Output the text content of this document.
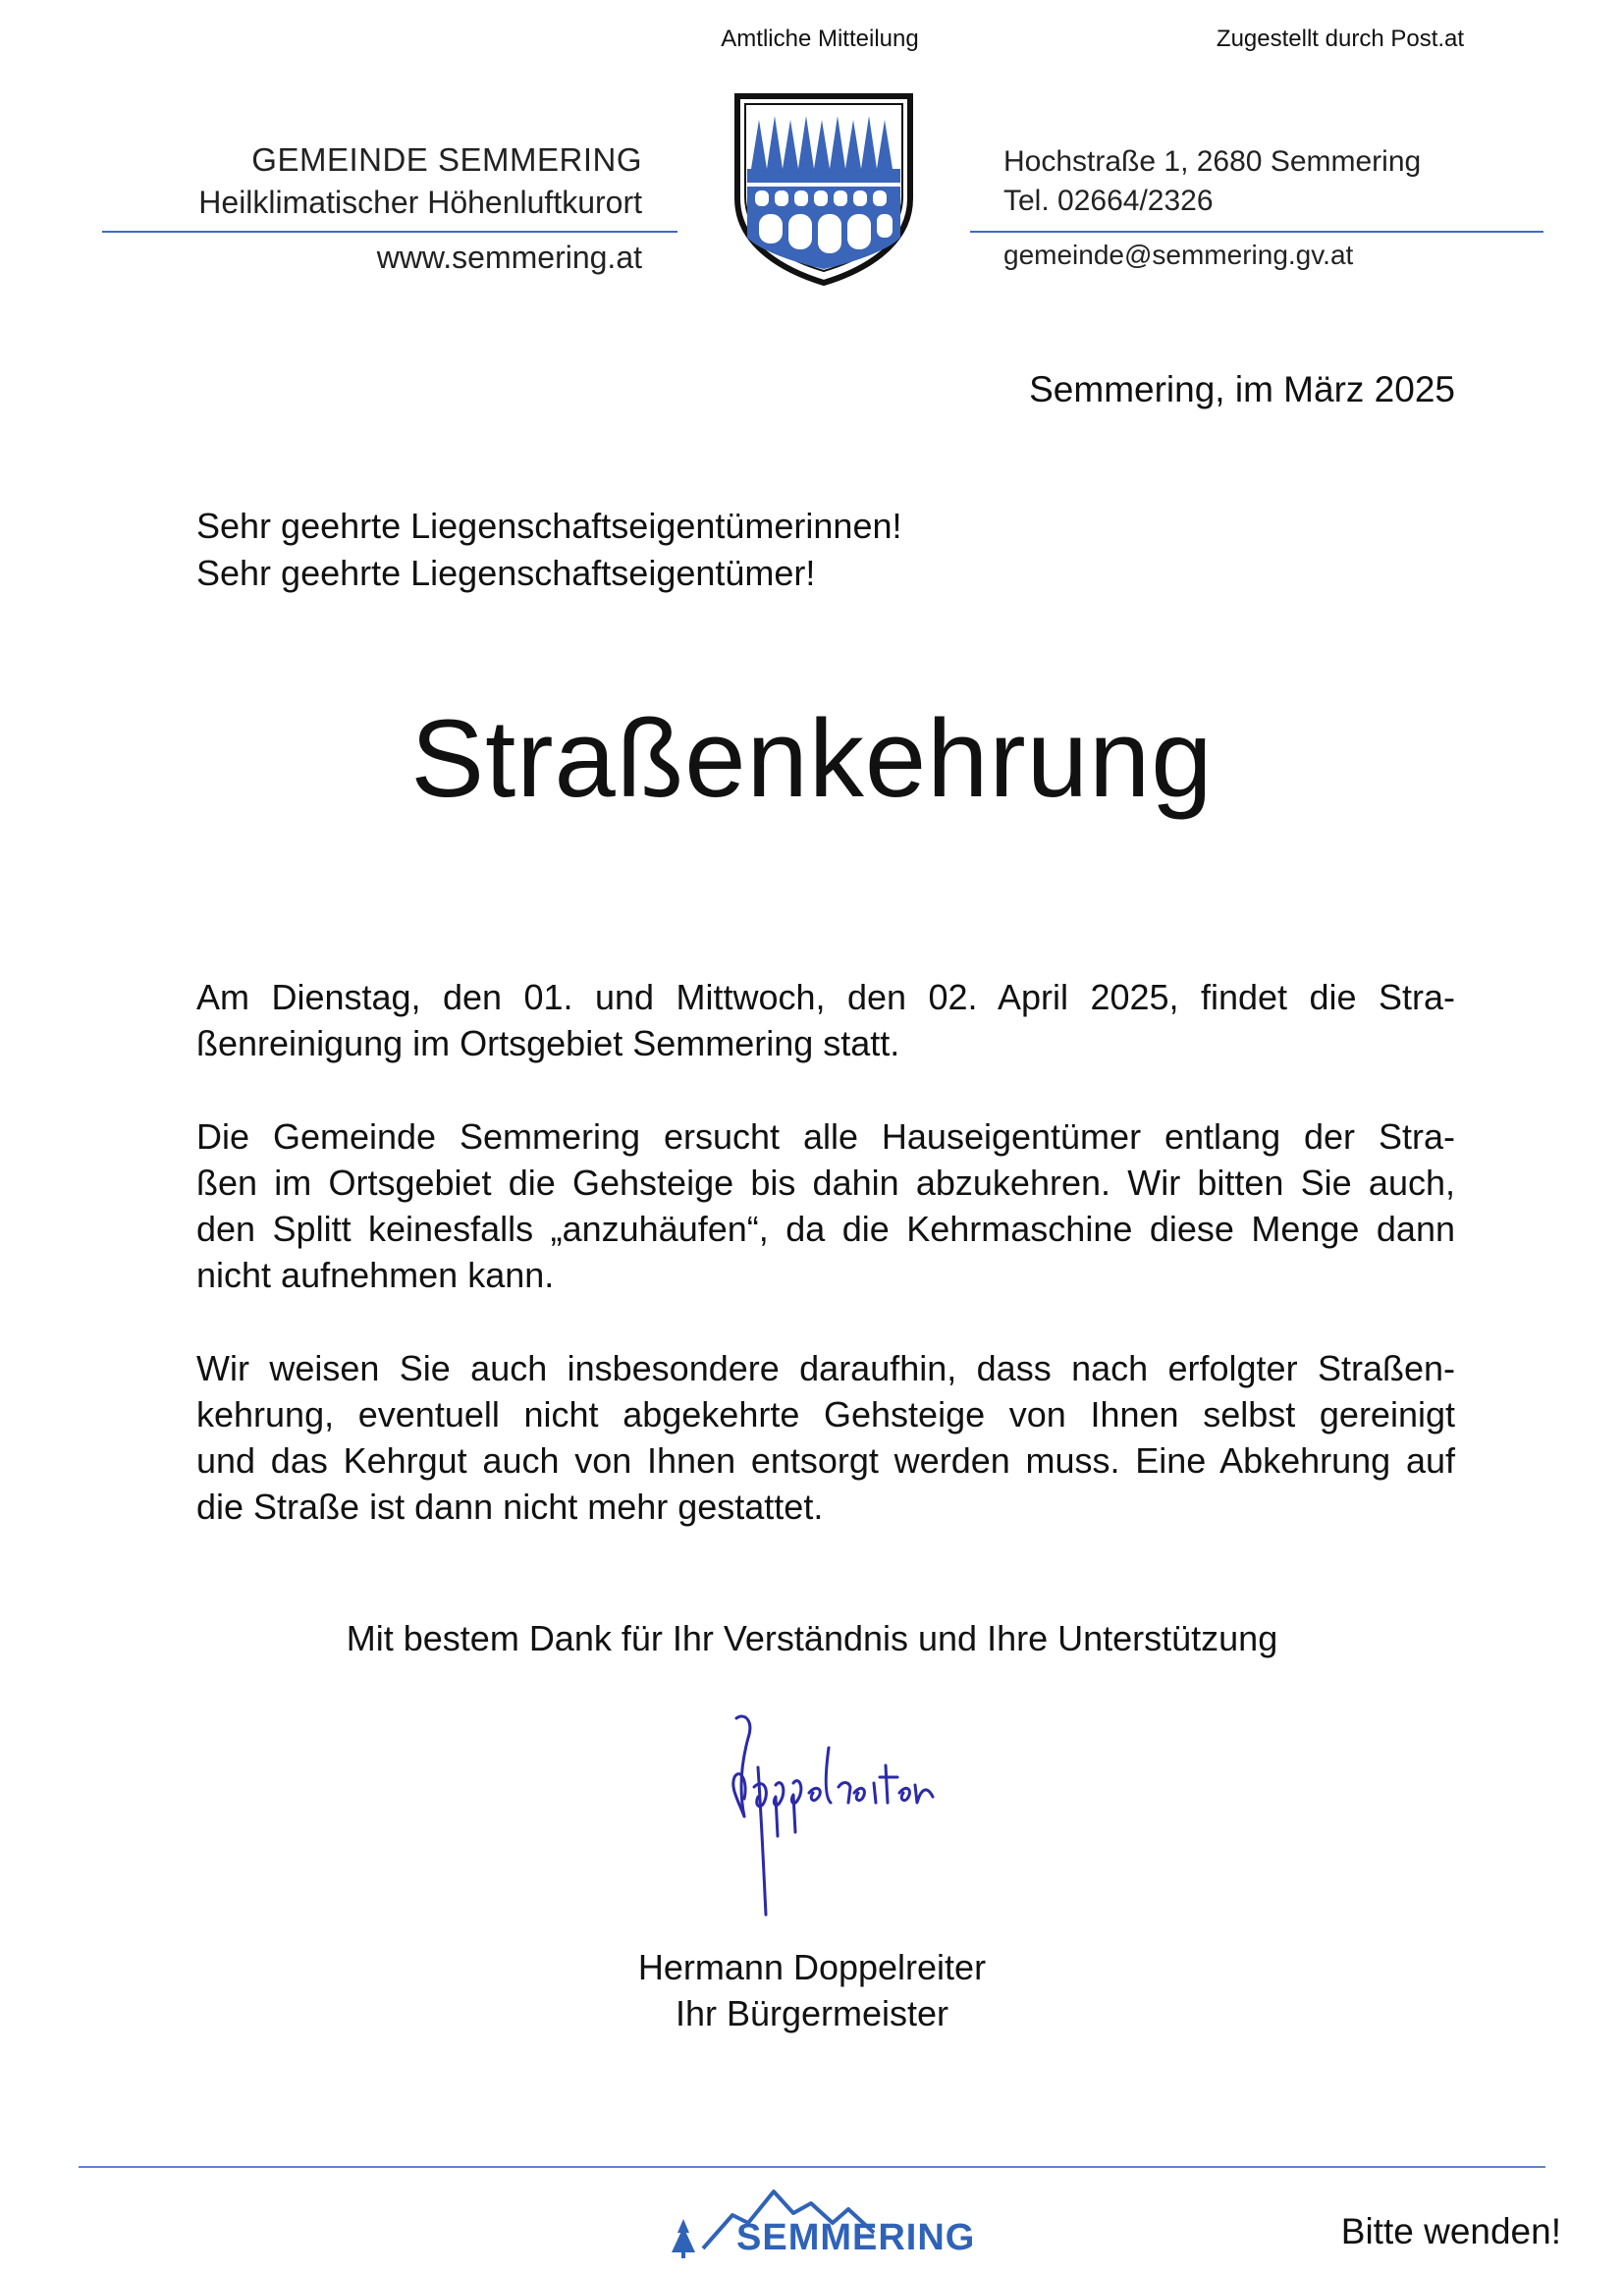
Amtliche Mitteilung	Zugestellt durch Post.at
GEMEINDE SEMMERING
Heilklimatischer Höhenluftkurort
www.semmering.at
Hochstraße 1, 2680 Semmering
Tel. 02664/2326
gemeinde@semmering.gv.at
Semmering, im März 2025
Sehr geehrte Liegenschaftseigentümerinnen!
Sehr geehrte Liegenschaftseigentümer!
Straßenkehrung
Am Dienstag, den 01. und Mittwoch, den 02. April 2025, findet die Stra-
ßenreinigung im Ortsgebiet Semmering statt.
Die Gemeinde Semmering ersucht alle Hauseigentümer entlang der Stra-
ßen im Ortsgebiet die Gehsteige bis dahin abzukehren. Wir bitten Sie auch,
den Splitt keinesfalls „anzuhäufen“, da die Kehrmaschine diese Menge dann
nicht aufnehmen kann.
Wir weisen Sie auch insbesondere daraufhin, dass nach erfolgter Straßen-
kehrung, eventuell nicht abgekehrte Gehsteige von Ihnen selbst gereinigt
und das Kehrgut auch von Ihnen entsorgt werden muss. Eine Abkehrung auf
die Straße ist dann nicht mehr gestattet.
Mit bestem Dank für Ihr Verständnis und Ihre Unterstützung
Hermann Doppelreiter
Ihr Bürgermeister
SEMMERING	Bitte wenden!
